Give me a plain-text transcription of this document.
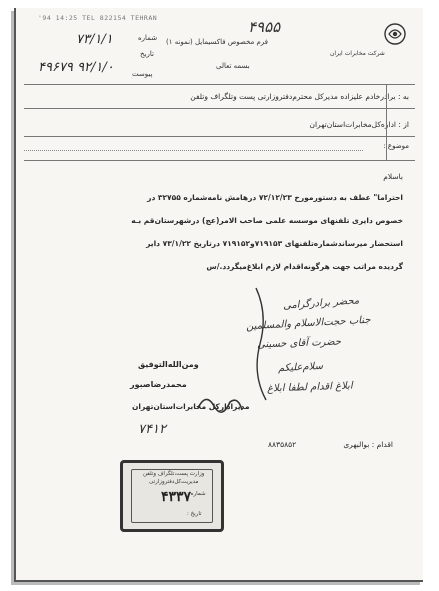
'94 14:25 TEL 822154 TEHRAN	۴۹۵۵
شرکت مخابرات ایران
فرم مخصوص فاکسیمایل (نمونه ۱)
بسمه تعالی
شماره
۷۳/۱/۱
تاریخ
۹۲/۱/۰ ۴۹۶۷۹	پیوست
به : برادرخادم علیزاده مدیرکل محترم‌دفتروزارتی پست وتلگراف وتلفن
از : اداره‌کل‌مخابرات‌استان‌تهران
موضوع :
باسلام
احتراما" عطف به دستورمورخ ۷۲/۱۲/۲۳ درهامش نامه‌شماره ۳۲۷۵۵ در
خصوص دایری تلفنهای موسسه علمی صاحب الامر(عج) درشهرستان‌قم بـه
استحضار میرساندشماره‌تلفنهای ۷۱۹۱۵۳و۷۱۹۱۵۲ درتاریخ ۷۳/۱/۲۲ دایر
گردیده مراتب جهت هرگونه‌اقدام لازم ابلاغ‌میگردد./س
محضر برادرگرامی
جناب حجت‌الاسلام والمسلمین
حضرت آقای حسینی
سلام‌علیکم
ابلاغ اقدام لطفا ابلاغ
ومن‌الله‌التوفیق
محمدرضاصبور
مدیرادارکل مخابرات‌استان‌تهران
۷۴۱۲
اقدام : بوالبهری
۸۸۳۵۸۵۲
وزارت پست،تلگراف وتلفن
مدیریت‌کل‌دفتروزارتی
شماره :
۴۳۳۷
تاریخ :
